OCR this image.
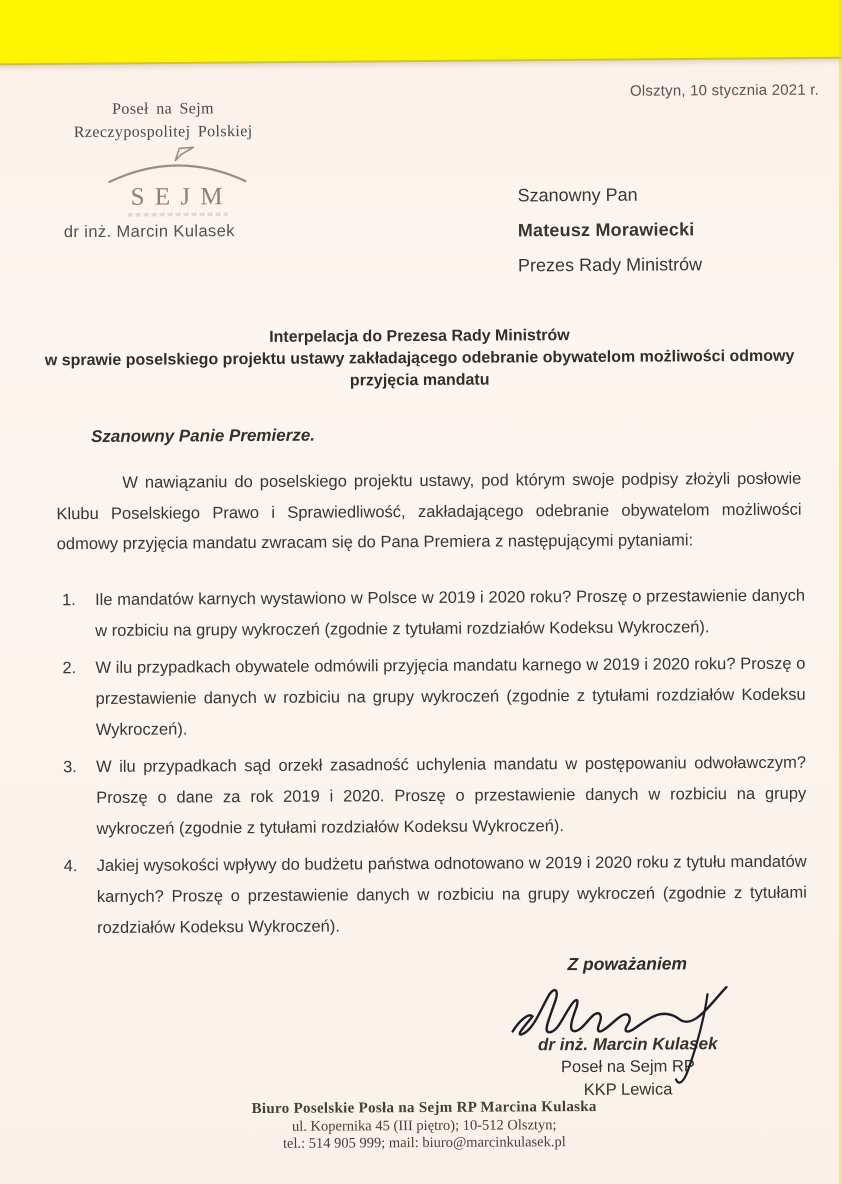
Olsztyn, 10 stycznia 2021 r.
Poseł na Sejm
Rzeczypospolitej Polskiej
S E J M
dr inż. Marcin Kulasek
Szanowny Pan
Mateusz Morawiecki
Prezes Rady Ministrów
Interpelacja do Prezesa Rady Ministrów
w sprawie poselskiego projektu ustawy zakładającego odebranie obywatelom możliwości odmowy
przyjęcia mandatu
Szanowny Panie Premierze.
W nawiązaniu do poselskiego projektu ustawy, pod którym swoje podpisy złożyli posłowie Klubu Poselskiego Prawo i Sprawiedliwość, zakładającego odebranie obywatelom możliwości odmowy przyjęcia mandatu zwracam się do Pana Premiera z następującymi pytaniami:
1.	Ile mandatów karnych wystawiono w Polsce w 2019 i 2020 roku? Proszę o przestawienie danych w rozbiciu na grupy wykroczeń (zgodnie z tytułami rozdziałów Kodeksu Wykroczeń).
2.	W ilu przypadkach obywatele odmówili przyjęcia mandatu karnego w 2019 i 2020 roku? Proszę o przestawienie danych w rozbiciu na grupy wykroczeń (zgodnie z tytułami rozdziałów Kodeksu Wykroczeń).
3.	W ilu przypadkach sąd orzekł zasadność uchylenia mandatu w postępowaniu odwoławczym? Proszę o dane za rok 2019 i 2020. Proszę o przestawienie danych w rozbiciu na grupy wykroczeń (zgodnie z tytułami rozdziałów Kodeksu Wykroczeń).
4.	Jakiej wysokości wpływy do budżetu państwa odnotowano w 2019 i 2020 roku z tytułu mandatów karnych? Proszę o przestawienie danych w rozbiciu na grupy wykroczeń (zgodnie z tytułami rozdziałów Kodeksu Wykroczeń).
Z poważaniem
dr inż. Marcin Kulasek
Poseł na Sejm RP
KKP Lewica
Biuro Poselskie Posła na Sejm RP Marcina Kulaska
ul. Kopernika 45 (III piętro); 10-512 Olsztyn;
tel.: 514 905 999; mail: biuro@marcinkulasek.pl
